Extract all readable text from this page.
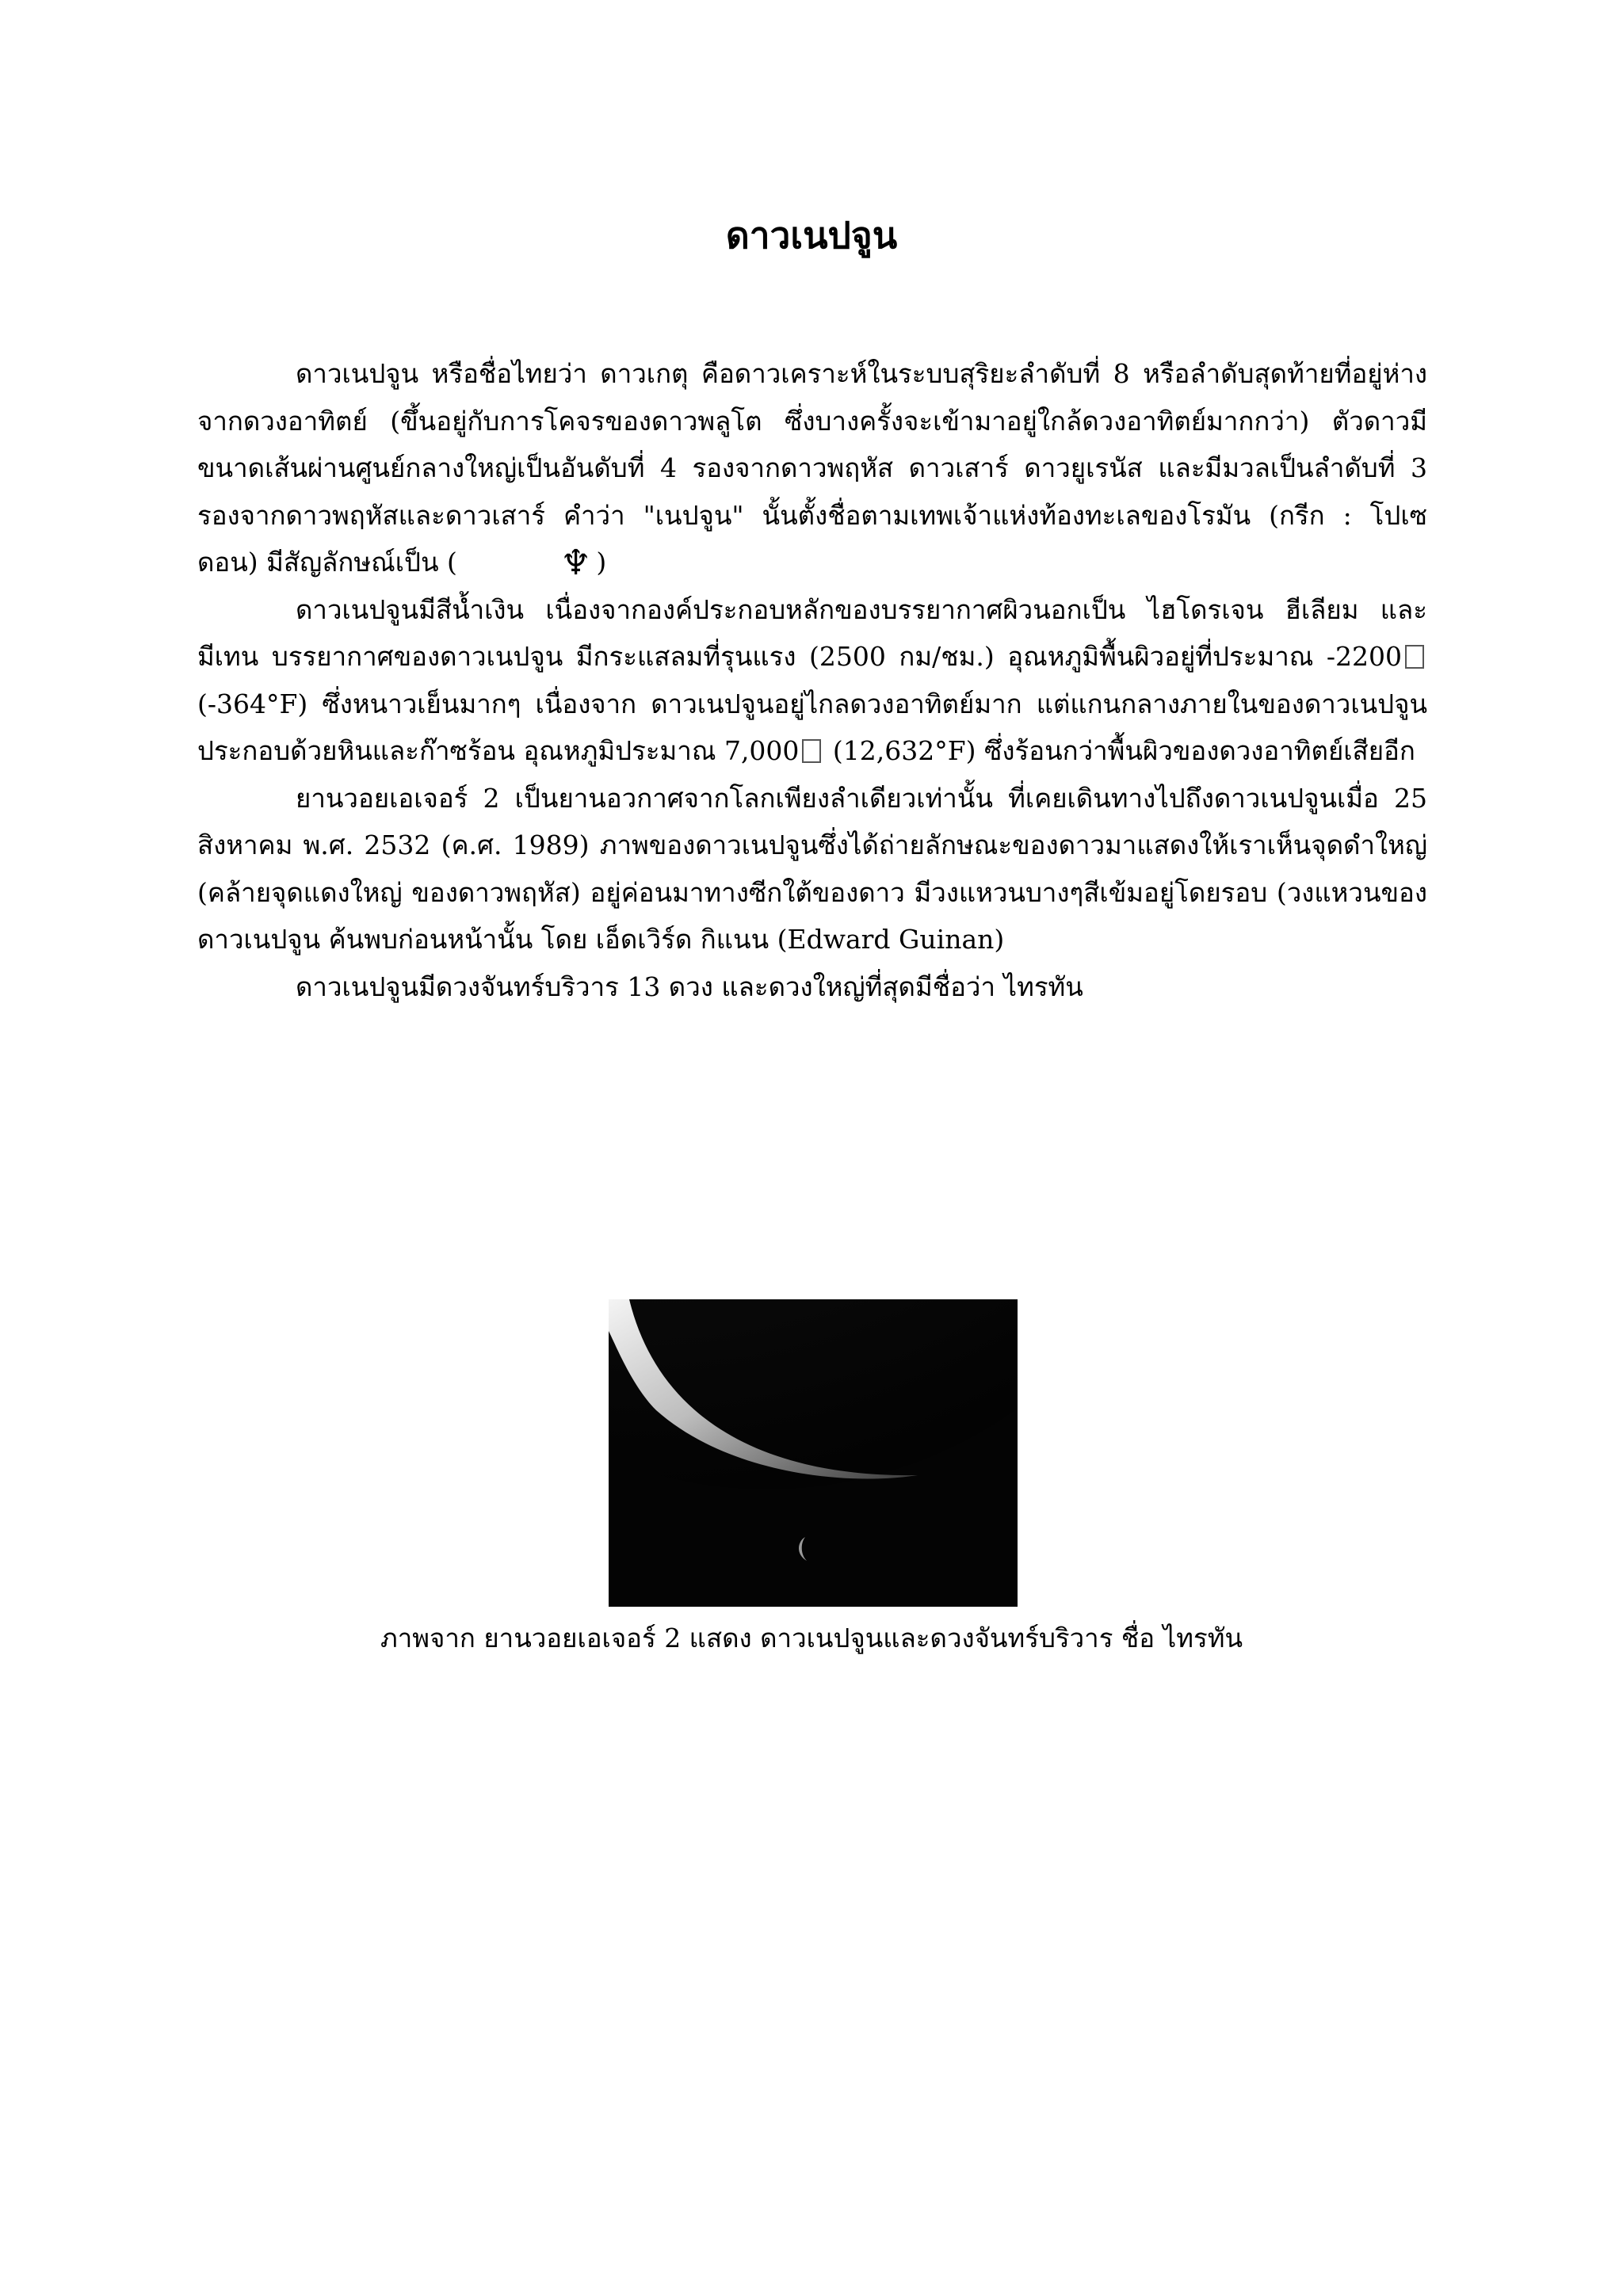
ดาวเนปจูน

ดาวเนปจูน หรือชื่อไทยว่า ดาวเกตุ คือดาวเคราะห์ในระบบสุริยะลำดับที่ 8 หรือลำดับสุดท้ายที่อยู่ห่างจากดวงอาทิตย์ (ขึ้นอยู่กับการโคจรของดาวพลูโต ซึ่งบางครั้งจะเข้ามาอยู่ใกล้ดวงอาทิตย์มากกว่า) ตัวดาวมีขนาดเส้นผ่านศูนย์กลางใหญ่เป็นอันดับที่ 4 รองจากดาวพฤหัส ดาวเสาร์ ดาวยูเรนัส และมีมวลเป็นลำดับที่ 3 รองจากดาวพฤหัสและดาวเสาร์ คำว่า "เนปจูน" นั้นตั้งชื่อตามเทพเจ้าแห่งท้องทะเลของโรมัน (กรีก : โปเซดอน) มีสัญลักษณ์เป็น (	♆ )

ดาวเนปจูนมีสีน้ำเงิน เนื่องจากองค์ประกอบหลักของบรรยากาศผิวนอกเป็น ไฮโดรเจน ฮีเลียม และมีเทน บรรยากาศของดาวเนปจูน มีกระแสลมที่รุนแรง (2500 กม/ชม.) อุณหภูมิพื้นผิวอยู่ที่ประมาณ -2200 (-364°F) ซึ่งหนาวเย็นมากๆ เนื่องจาก ดาวเนปจูนอยู่ไกลดวงอาทิตย์มาก แต่แกนกลางภายในของดาวเนปจูน ประกอบด้วยหินและก๊าซร้อน อุณหภูมิประมาณ 7,000 (12,632°F) ซึ่งร้อนกว่าพื้นผิวของดวงอาทิตย์เสียอีก

ยานวอยเอเจอร์ 2 เป็นยานอวกาศจากโลกเพียงลำเดียวเท่านั้น ที่เคยเดินทางไปถึงดาวเนปจูนเมื่อ 25 สิงหาคม พ.ศ. 2532 (ค.ศ. 1989) ภาพของดาวเนปจูนซึ่งได้ถ่ายลักษณะของดาวมาแสดงให้เราเห็นจุดดำใหญ่ (คล้ายจุดแดงใหญ่ ของดาวพฤหัส) อยู่ค่อนมาทางซีกใต้ของดาว มีวงแหวนบางๆสีเข้มอยู่โดยรอบ (วงแหวนของดาวเนปจูน ค้นพบก่อนหน้านั้น โดย เอ็ดเวิร์ด กิแนน (Edward Guinan)

ดาวเนปจูนมีดวงจันทร์บริวาร 13 ดวง และดวงใหญ่ที่สุดมีชื่อว่า ไทรทัน

ภาพจาก ยานวอยเอเจอร์ 2 แสดง ดาวเนปจูนและดวงจันทร์บริวาร ชื่อ ไทรทัน
